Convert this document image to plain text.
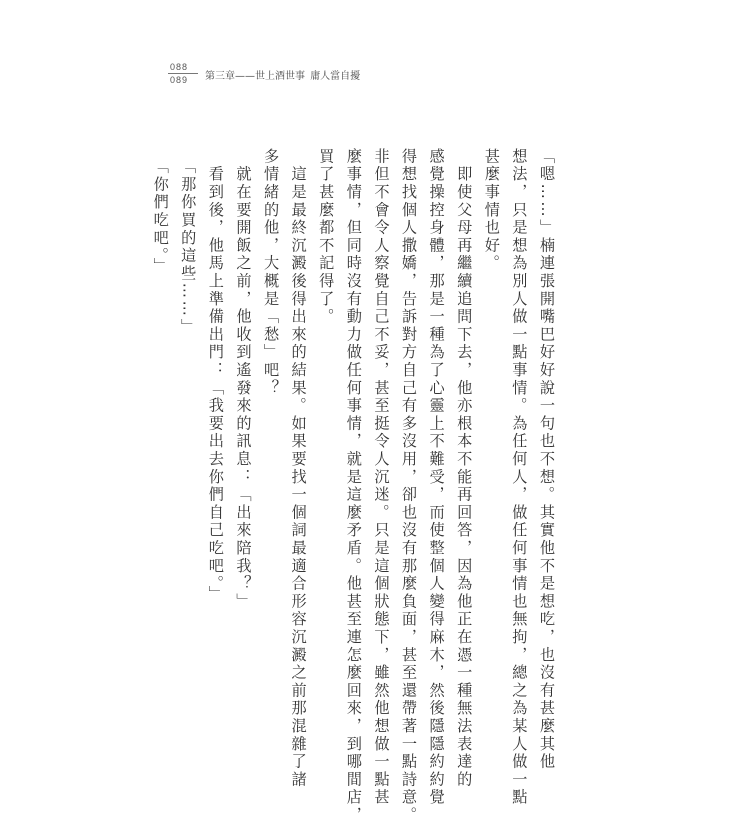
088
089 第三章——世上酒世事 庸人當自擾

「嗯……」楠連張開嘴巴好好說一句也不想。其實他不是想吃，也沒有甚麼其他

想法，只是想為別人做一點事情。為任何人，做任何事情也無拘，總之為某人做一點

甚麼事情也好。

　即使父母再繼續追問下去，他亦根本不能再回答，因為他正在憑一種無法表達的

感覺操控身體，那是一種為了心靈上不難受，而使整個人變得麻木，然後隱隱約約覺

得想找個人撒嬌，告訴對方自己有多沒用，卻也沒有那麼負面，甚至還帶著一點詩意。

非但不會令人察覺自己不妥，甚至挺令人沉迷。只是這個狀態下，雖然他想做一點甚

麼事情，但同時沒有動力做任何事情，就是這麼矛盾。他甚至連怎麼回來，到哪間店，

買了甚麼都不記得了。

　這是最終沉澱後得出來的結果。如果要找一個詞最適合形容沉澱之前那混雜了諸

多情緒的他，大概是「愁」吧？

　就在要開飯之前，他收到遙發來的訊息：「出來陪我？」

　看到後，他馬上準備出門：「我要出去你們自己吃吧。」

　「那你買的這些……」

　「你們吃吧。」
